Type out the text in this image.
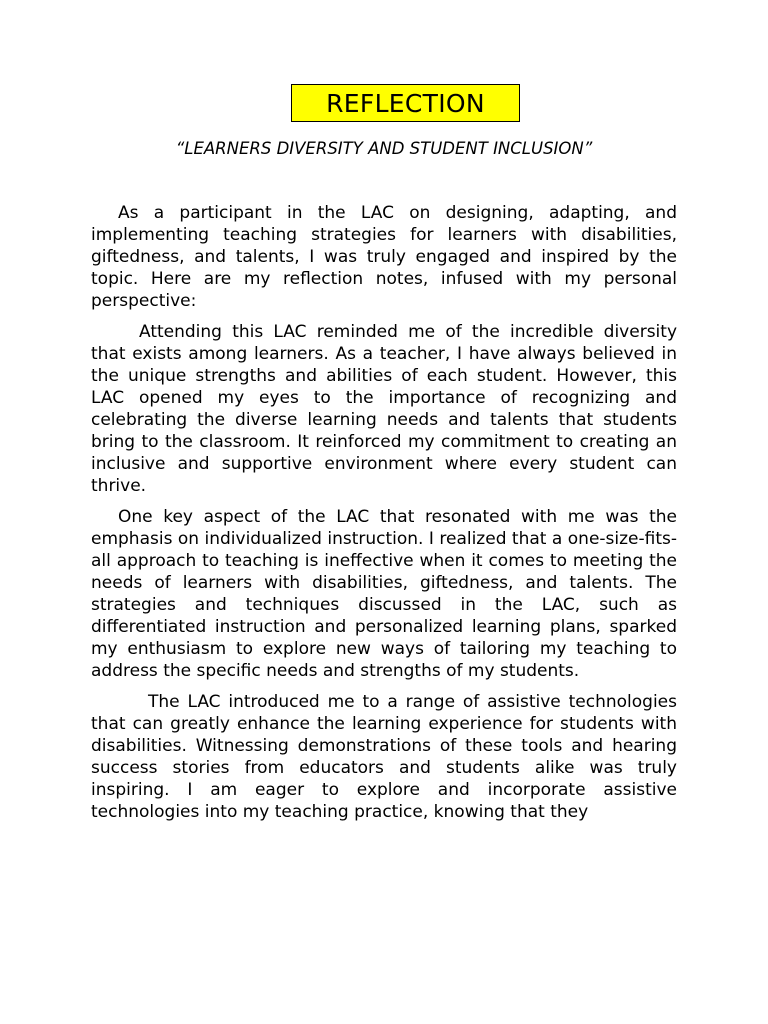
REFLECTION
“LEARNERS DIVERSITY AND STUDENT INCLUSION”

As a participant in the LAC on designing, adapting, and implementing teaching strategies for learners with disabilities, giftedness, and talents, I was truly engaged and inspired by the topic. Here are my reflection notes, infused with my personal perspective:

Attending this LAC reminded me of the incredible diversity that exists among learners. As a teacher, I have always believed in the unique strengths and abilities of each student. However, this LAC opened my eyes to the importance of recognizing and celebrating the diverse learning needs and talents that students bring to the classroom. It reinforced my commitment to creating an inclusive and supportive environment where every student can thrive.

One key aspect of the LAC that resonated with me was the emphasis on individualized instruction. I realized that a one-size-fits-all approach to teaching is ineffective when it comes to meeting the needs of learners with disabilities, giftedness, and talents. The strategies and techniques discussed in the LAC, such as differentiated instruction and personalized learning plans, sparked my enthusiasm to explore new ways of tailoring my teaching to address the specific needs and strengths of my students.

The LAC introduced me to a range of assistive technologies that can greatly enhance the learning experience for students with disabilities. Witnessing demonstrations of these tools and hearing success stories from educators and students alike was truly inspiring. I am eager to explore and incorporate assistive technologies into my teaching practice, knowing that they
